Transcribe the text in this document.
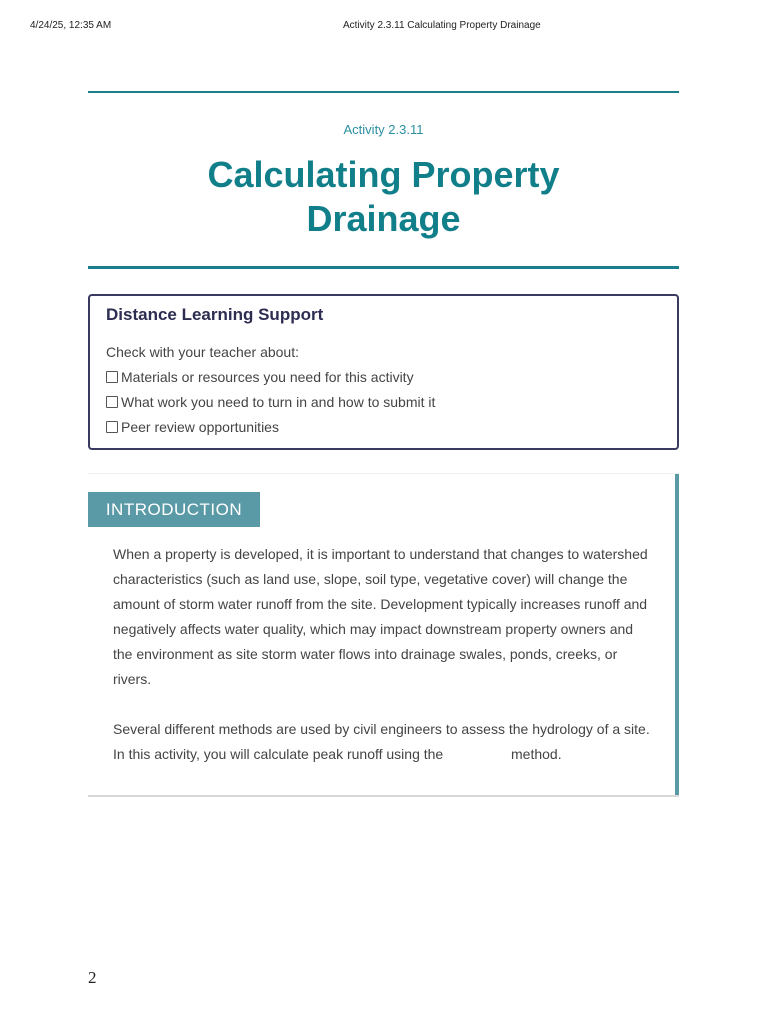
4/24/25, 12:35 AM	Activity 2.3.11 Calculating Property Drainage
Activity 2.3.11
Calculating Property
Drainage
Distance Learning Support
Check with your teacher about:
Materials or resources you need for this activity
What work you need to turn in and how to submit it
Peer review opportunities
INTRODUCTION

When a property is developed, it is important to understand that changes to watershed characteristics (such as land use, slope, soil type, vegetative cover) will change the amount of storm water runoff from the site. Development typically increases runoff and negatively affects water quality, which may impact downstream property owners and the environment as site storm water flows into drainage swales, ponds, creeks, or rivers.

Several different methods are used by civil engineers to assess the hydrology of a site. In this activity, you will calculate peak runoff using the	method.

2
